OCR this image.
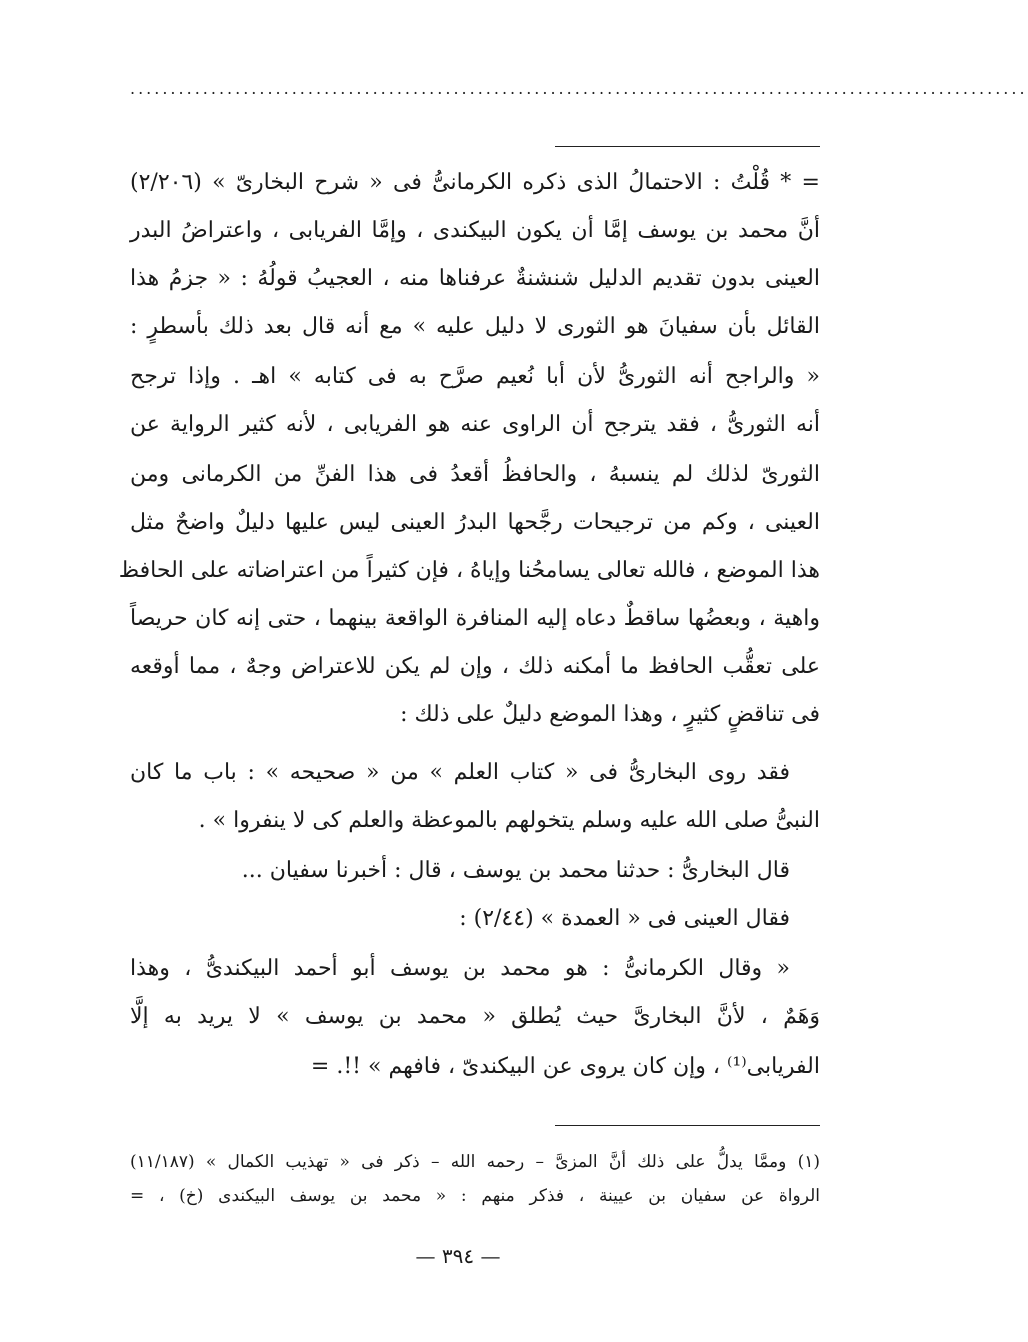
...............................................................................................................
= * قُلْتُ : الاحتمالُ الذى ذكره الكرمانىُّ فى « شرح البخارىّ » (٢/٢٠٦)
أنَّ محمد بن يوسف إمَّا أن يكون البيكندى ، وإمَّا الفريابى ، واعتراضُ البدر
العينى بدون تقديم الدليل شنشنةٌ عرفناها منه ، العجيبُ قولُهُ : « جزمُ هذا
القائل بأن سفيانَ هو الثورى لا دليل عليه » مع أنه قال بعد ذلك بأسطرٍ :
« والراجح أنه الثورىُّ لأن أبا نُعيم صرَّح به فى كتابه » اهـ . وإذا ترجح
أنه الثورىُّ ، فقد يترجح أن الراوى عنه هو الفريابى ، لأنه كثير الرواية عن
الثورىّ لذلك لم ينسبهُ ، والحافظُ أقعدُ فى هذا الفنِّ من الكرمانى ومن
العينى ، وكم من ترجيحات رجَّحها البدرُ العينى ليس عليها دليلٌ واضحٌ مثل
هذا الموضع ، فالله تعالى يسامحُنا وإياهُ ، فإن كثيراً من اعتراضاته على الحافظ
واهية ، وبعضُها ساقطٌ دعاه إليه المنافرة الواقعة بينهما ، حتى إنه كان حريصاً
على تعقُّب الحافظ ما أمكنه ذلك ، وإن لم يكن للاعتراض وجهٌ ، مما أوقعه
فى تناقضٍ كثيرٍ ، وهذا الموضع دليلٌ على ذلك :
فقد روى البخارىُّ فى « كتاب العلم » من « صحيحه » : باب ما كان
النبىُّ صلى الله عليه وسلم يتخولهم بالموعظة والعلم كى لا ينفروا » .
قال البخارىُّ : حدثنا محمد بن يوسف ، قال : أخبرنا سفيان ...
فقال العينى فى « العمدة » (٢/٤٤) :
« وقال الكرمانىُّ : هو محمد بن يوسف أبو أحمد البيكندىُّ ، وهذا
وَهَمٌ ، لأنَّ البخارىَّ حيث يُطلق « محمد بن يوسف » لا يريد به إلَّا
الفريابى⁽¹⁾ ، وإن كان يروى عن البيكندىّ ، فافهم » !!. =
(١) وممَّا يدلُّ على ذلك أنَّ المزىَّ – رحمه الله – ذكر فى « تهذيب الكمال » (١١/١٨٧)
الرواة عن سفيان بن عيينة ، فذكر منهم : « محمد بن يوسف البيكندى (خ) ، =
— ٣٩٤ —
